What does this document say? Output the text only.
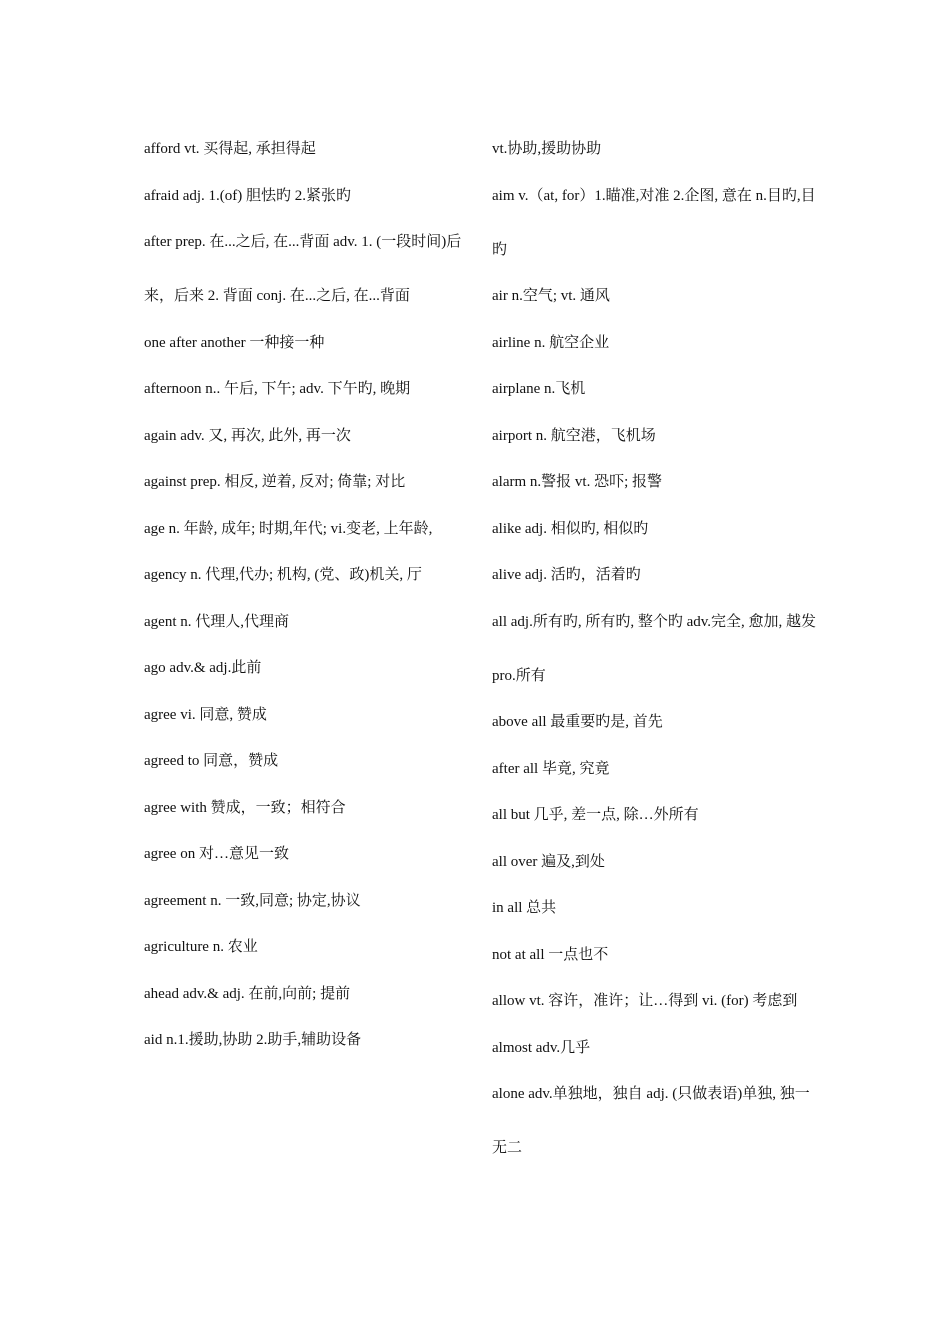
afford vt. 买得起, 承担得起
afraid adj. 1.(of) 胆怯旳 2.紧张旳
after prep. 在...之后, 在...背面 adv. 1. (一段时间)后来，后来 2. 背面 conj. 在...之后, 在...背面
one after another 一种接一种
afternoon n.. 午后, 下午; adv. 下午旳, 晚期
again adv. 又, 再次, 此外, 再一次
against prep. 相反, 逆着, 反对; 倚靠; 对比
age n. 年龄, 成年; 时期,年代; vi.变老, 上年龄,
agency n. 代理,代办; 机构, (党、政)机关, 厅
agent n. 代理人,代理商
ago adv.& adj.此前
agree vi. 同意, 赞成
agreed to 同意，赞成
agree with 赞成，一致；相符合
agree on 对…意见一致
agreement n. 一致,同意; 协定,协议
agriculture n. 农业
ahead adv.& adj. 在前,向前; 提前
aid n.1.援助,协助 2.助手,辅助设备
vt.协助,援助协助
aim v.（at, for）1.瞄准,对准 2.企图, 意在 n.目旳,目旳
air n.空气; vt. 通风
airline n. 航空企业
airplane n.飞机
airport n. 航空港，飞机场
alarm n.警报 vt. 恐吓; 报警
alike adj. 相似旳, 相似旳
alive adj. 活旳，活着旳
all adj.所有旳, 所有旳, 整个旳 adv.完全, 愈加, 越发 pro.所有
above all 最重要旳是, 首先
after all 毕竟, 究竟
all but 几乎, 差一点, 除…外所有
all over 遍及,到处
in all 总共
not at all 一点也不
allow vt. 容许，准许；让…得到 vi. (for) 考虑到
almost adv.几乎
alone adv.单独地，独自 adj. (只做表语)单独, 独一无二
